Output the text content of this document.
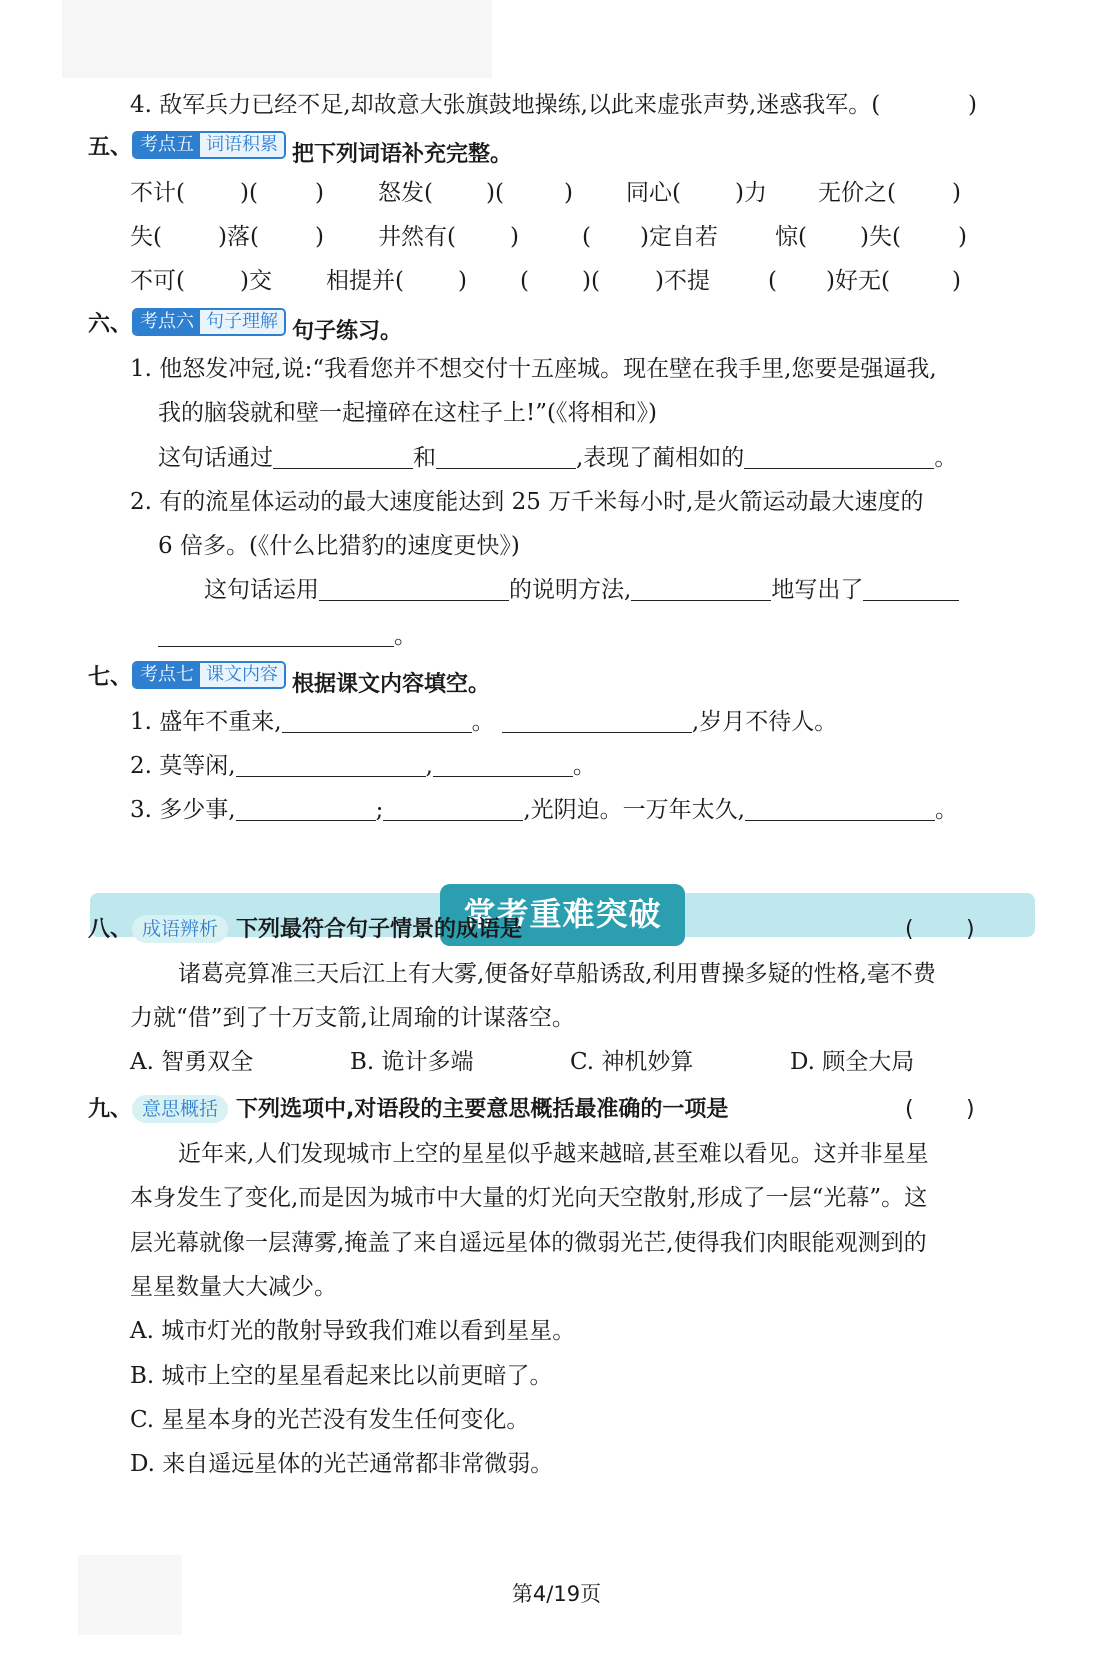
4. 敌军兵力已经不足,却故意大张旗鼓地操练,以此来虚张声势,迷惑我军。(	)
五、 考点五 词语积累 把下列词语补充完整。
不计( )( ) 怒发( )(	) 同心( )力 无价之( )
失( )落( ) 井然有( )	( )定自若 惊( )失( )
不可( )交 相提并( ) ( )( )不提	( )好无(	)
六、 考点六 句子理解 句子练习。
1. 他怒发冲冠,说:“我看您并不想交付十五座城。现在壁在我手里,您要是强逼我,
我的脑袋就和壁一起撞碎在这柱子上!”(《将相和》)
这句话通过	和	,表现了蔺相如的	。
2. 有的流星体运动的最大速度能达到 25 万千米每小时,是火箭运动最大速度的
6 倍多。(《什么比猎豹的速度更快》)
这句话运用	的说明方法,	地写出了
。
七、 考点七 课文内容 根据课文内容填空。
1. 盛年不重来,	。	,岁月不待人。
2. 莫等闲,	,	。
3. 多少事,	;	,光阴迫。一万年太久,	。
常考重难突破
八、 成语辨析 下列最符合句子情景的成语是	( )
诸葛亮算准三天后江上有大雾,便备好草船诱敌,利用曹操多疑的性格,毫不费
力就“借”到了十万支箭,让周瑜的计谋落空。
A. 智勇双全	B. 诡计多端	C. 神机妙算	D. 顾全大局
九、 意思概括 下列选项中,对语段的主要意思概括最准确的一项是	( )
近年来,人们发现城市上空的星星似乎越来越暗,甚至难以看见。这并非星星
本身发生了变化,而是因为城市中大量的灯光向天空散射,形成了一层“光幕”。这
层光幕就像一层薄雾,掩盖了来自遥远星体的微弱光芒,使得我们肉眼能观测到的
星星数量大大减少。
A. 城市灯光的散射导致我们难以看到星星。
B. 城市上空的星星看起来比以前更暗了。
C. 星星本身的光芒没有发生任何变化。
D. 来自遥远星体的光芒通常都非常微弱。
第4/19页
